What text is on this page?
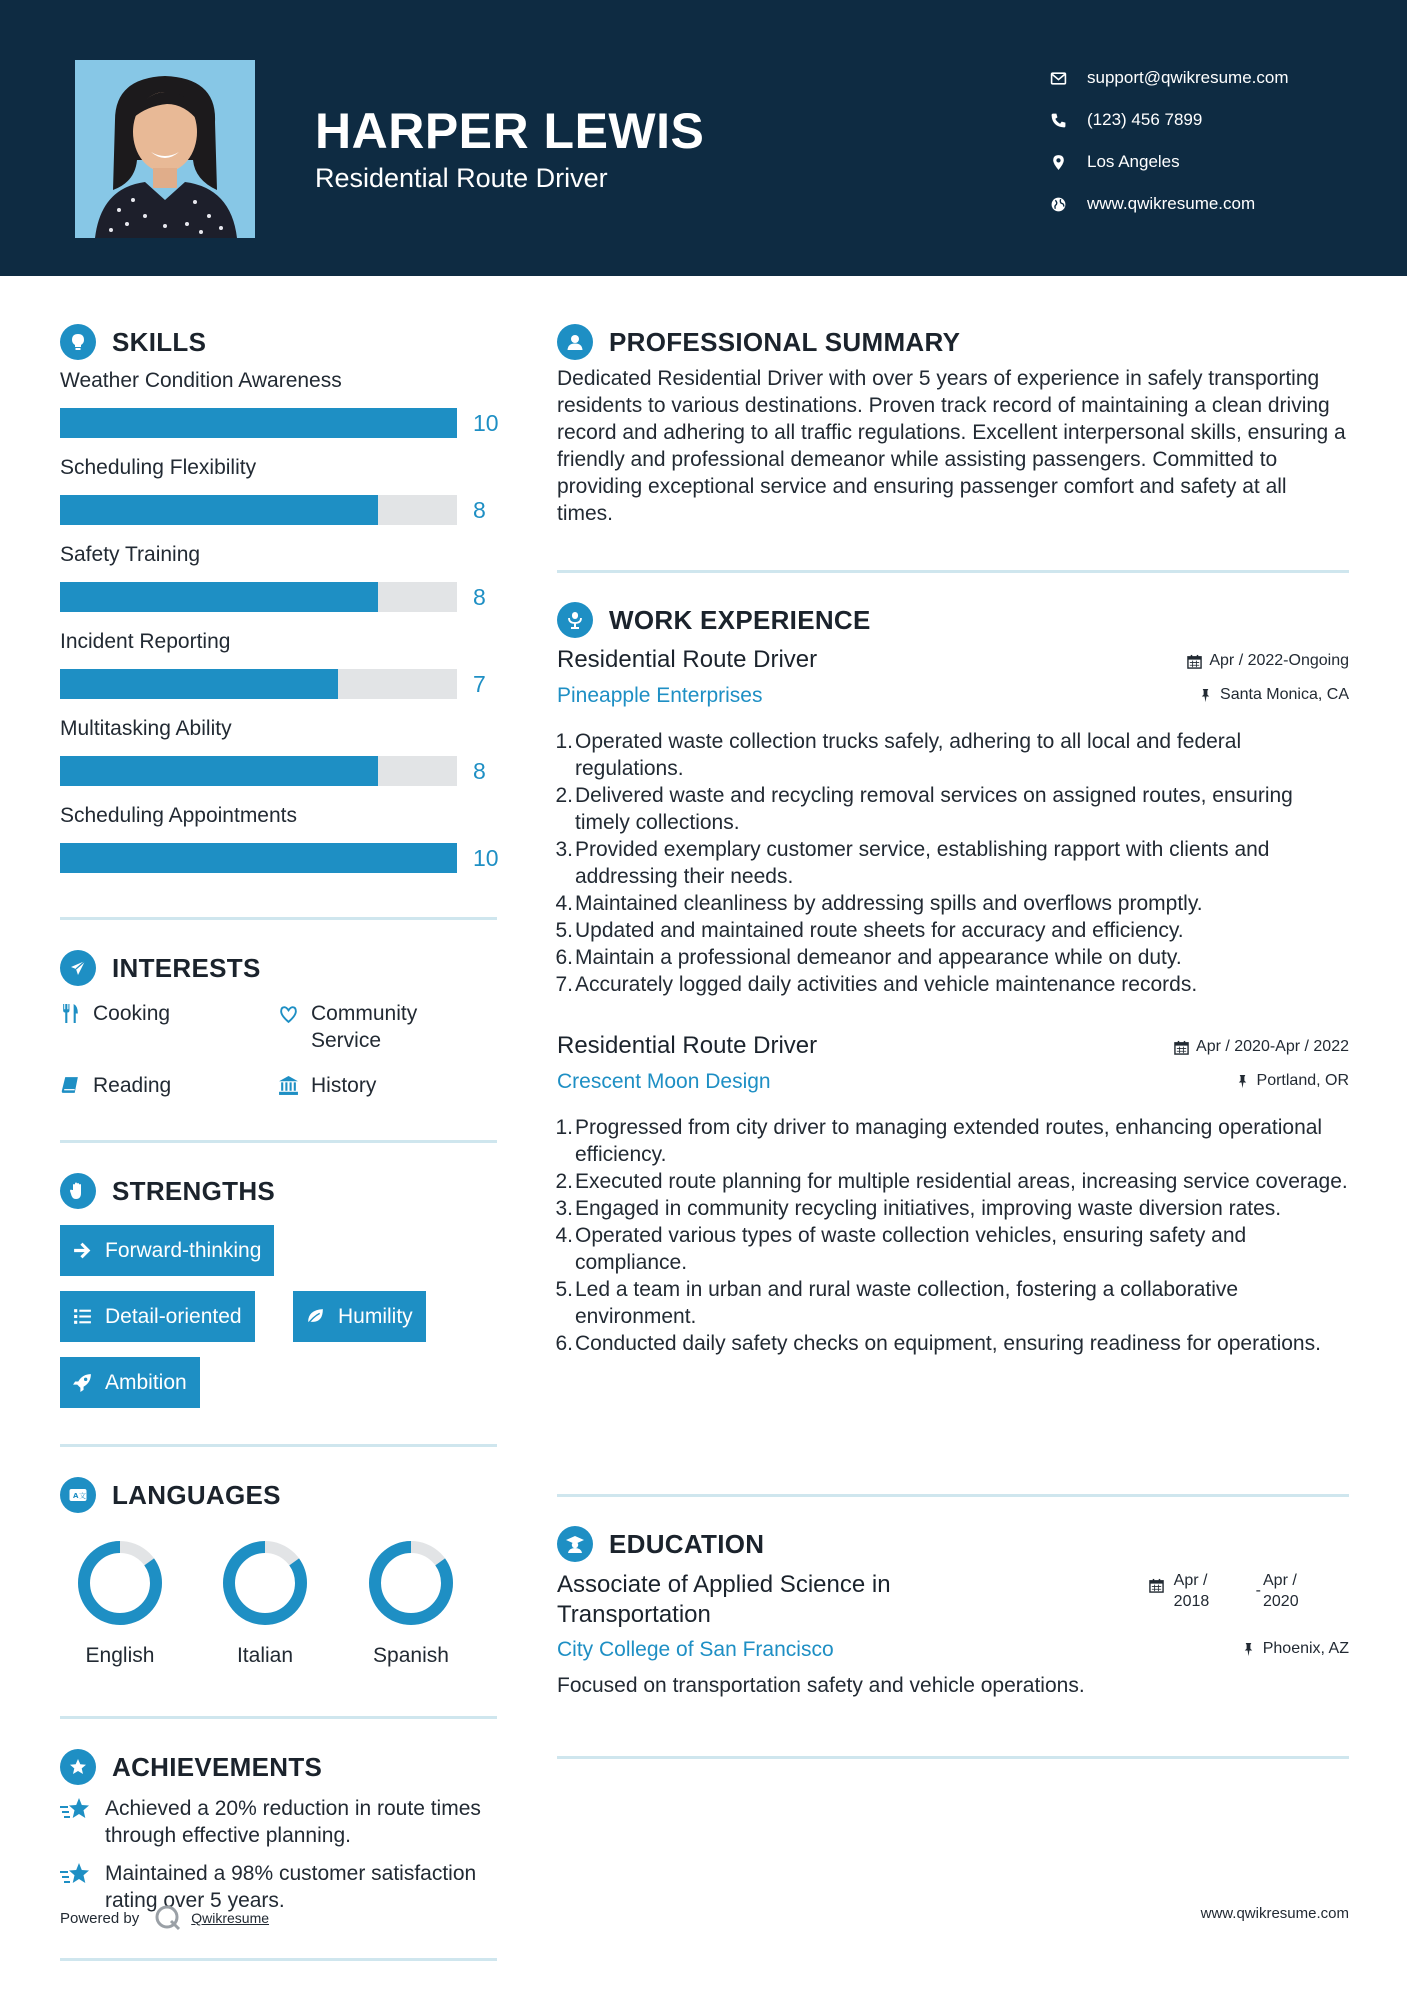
HARPER LEWIS
Residential Route Driver
support@qwikresume.com
(123) 456 7899
Los Angeles
www.qwikresume.com
SKILLS
Weather Condition Awareness
10
Scheduling Flexibility
8
Safety Training
8
Incident Reporting
7
Multitasking Ability
8
Scheduling Appointments
10
INTERESTS
Cooking	Community Service
Reading	History
STRENGTHS
Forward-thinking
Detail-oriented	Humility
Ambition
A 文 LANGUAGES
English	Italian	Spanish
ACHIEVEMENTS
Achieved a 20% reduction in route times through effective planning.
Maintained a 98% customer satisfaction rating over 5 years.
PROFESSIONAL SUMMARY
Dedicated Residential Driver with over 5 years of experience in safely transporting residents to various destinations. Proven track record of maintaining a clean driving record and adhering to all traffic regulations. Excellent interpersonal skills, ensuring a friendly and professional demeanor while assisting passengers. Committed to providing exceptional service and ensuring passenger comfort and safety at all times.
WORK EXPERIENCE
Residential Route Driver	Apr / 2022-Ongoing
Pineapple Enterprises	Santa Monica, CA
1. Operated waste collection trucks safely, adhering to all local and federal regulations.
2. Delivered waste and recycling removal services on assigned routes, ensuring timely collections.
3. Provided exemplary customer service, establishing rapport with clients and addressing their needs.
4. Maintained cleanliness by addressing spills and overflows promptly.
5. Updated and maintained route sheets for accuracy and efficiency.
6. Maintain a professional demeanor and appearance while on duty.
7. Accurately logged daily activities and vehicle maintenance records.
Residential Route Driver	Apr / 2020-Apr / 2022
Crescent Moon Design	Portland, OR
1. Progressed from city driver to managing extended routes, enhancing operational efficiency.
2. Executed route planning for multiple residential areas, increasing service coverage.
3. Engaged in community recycling initiatives, improving waste diversion rates.
4. Operated various types of waste collection vehicles, ensuring safety and compliance.
5. Led a team in urban and rural waste collection, fostering a collaborative environment.
6. Conducted daily safety checks on equipment, ensuring readiness for operations.
EDUCATION
Associate of Applied Science in Transportation
Apr / 2018
-
Apr / 2020
City College of San Francisco	Phoenix, AZ
Focused on transportation safety and vehicle operations.
Powered by	Qwikresume	www.qwikresume.com
